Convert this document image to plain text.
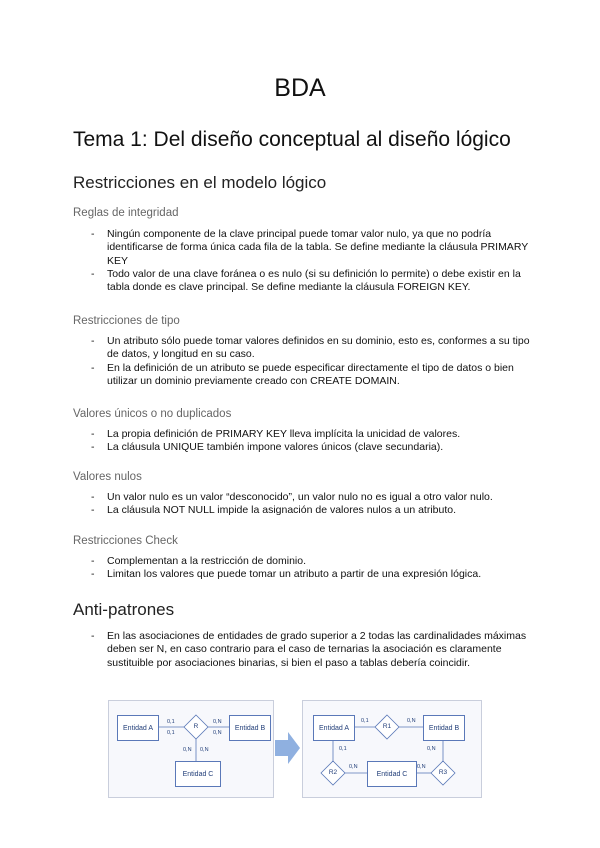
BDA
Tema 1: Del diseño conceptual al diseño lógico
Restricciones en el modelo lógico
Reglas de integridad
- Ningún componente de la clave principal puede tomar valor nulo, ya que no podría identificarse de forma única cada fila de la tabla. Se define mediante la cláusula PRIMARY KEY
- Todo valor de una clave foránea o es nulo (si su definición lo permite) o debe existir en la tabla donde es clave principal. Se define mediante la cláusula FOREIGN KEY.
Restricciones de tipo
- Un atributo sólo puede tomar valores definidos en su dominio, esto es, conformes a su tipo de datos, y longitud en su caso.
- En la definición de un atributo se puede especificar directamente el tipo de datos o bien utilizar un dominio previamente creado con CREATE DOMAIN.
Valores únicos o no duplicados
- La propia definición de PRIMARY KEY lleva implícita la unicidad de valores.
- La cláusula UNIQUE también impone valores únicos (clave secundaria).
Valores nulos
- Un valor nulo es un valor “desconocido”, un valor nulo no es igual a otro valor nulo.
- La cláusula NOT NULL impide la asignación de valores nulos a un atributo.
Restricciones Check
- Complementan a la restricción de dominio.
- Limitan los valores que puede tomar un atributo a partir de una expresión lógica.
Anti-patrones
- En las asociaciones de entidades de grado superior a 2 todas las cardinalidades máximas deben ser N, en caso contrario para el caso de ternarias la asociación es claramente sustituible por asociaciones binarias, si bien el paso a tablas debería coincidir.
Entidad A	Entidad B
Entidad C
R
0,1
0,1
0,N
0,N
0,N 0,N
Entidad A	Entidad B
Entidad C
R1
R2	R3
0,1	0,N
0,1
0,N
0,N
0,N
